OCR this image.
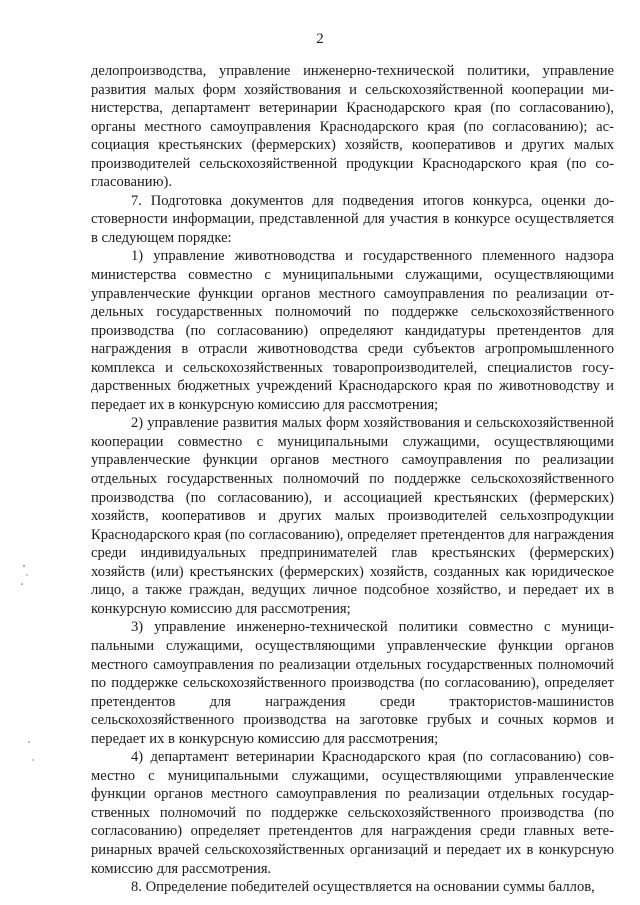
2

делопроизводства, управление инженерно-технической политики, управление развития малых форм хозяйствования и сельскохозяйственной кооперации министерства, департамент ветеринарии Краснодарского края (по согласованию), органы местного самоуправления Краснодарского края (по согласованию); ассоциация крестьянских (фермерских) хозяйств, кооперативов и других малых производителей сельскохозяйственной продукции Краснодарского края (по согласованию).

7. Подготовка документов для подведения итогов конкурса, оценки достоверности информации, представленной для участия в конкурсе осуществляется в следующем порядке:

1) управление животноводства и государственного племенного надзора министерства совместно с муниципальными служащими, осуществляющими управленческие функции органов местного самоуправления по реализации отдельных государственных полномочий по поддержке сельскохозяйственного производства (по согласованию) определяют кандидатуры претендентов для награждения в отрасли животноводства среди субъектов агропромышленного комплекса и сельскохозяйственных товаропроизводителей, специалистов государственных бюджетных учреждений Краснодарского края по животноводству и передает их в конкурсную комиссию для рассмотрения;

2) управление развития малых форм хозяйствования и сельскохозяйственной кооперации совместно с муниципальными служащими, осуществляющими управленческие функции органов местного самоуправления по реализации отдельных государственных полномочий по поддержке сельскохозяйственного производства (по согласованию), и ассоциацией крестьянских (фермерских) хозяйств, кооперативов и других малых производителей сельхозпродукции Краснодарского края (по согласованию), определяет претендентов для награждения среди индивидуальных предпринимателей глав крестьянских (фермерских) хозяйств (или) крестьянских (фермерских) хозяйств, созданных как юридическое лицо, а также граждан, ведущих личное подсобное хозяйство, и передает их в конкурсную комиссию для рассмотрения;

3) управление инженерно-технической политики совместно с муниципальными служащими, осуществляющими управленческие функции органов местного самоуправления по реализации отдельных государственных полномочий по поддержке сельскохозяйственного производства (по согласованию), определяет претендентов для награждения среди трактористов-машинистов сельскохозяйственного производства на заготовке грубых и сочных кормов и передает их в конкурсную комиссию для рассмотрения;

4) департамент ветеринарии Краснодарского края (по согласованию) совместно с муниципальными служащими, осуществляющими управленческие функции органов местного самоуправления по реализации отдельных государственных полномочий по поддержке сельскохозяйственного производства (по согласованию) определяет претендентов для награждения среди главных ветеринарных врачей сельскохозяйственных организаций и передает их в конкурсную комиссию для рассмотрения.

8. Определение победителей осуществляется на основании суммы баллов,
